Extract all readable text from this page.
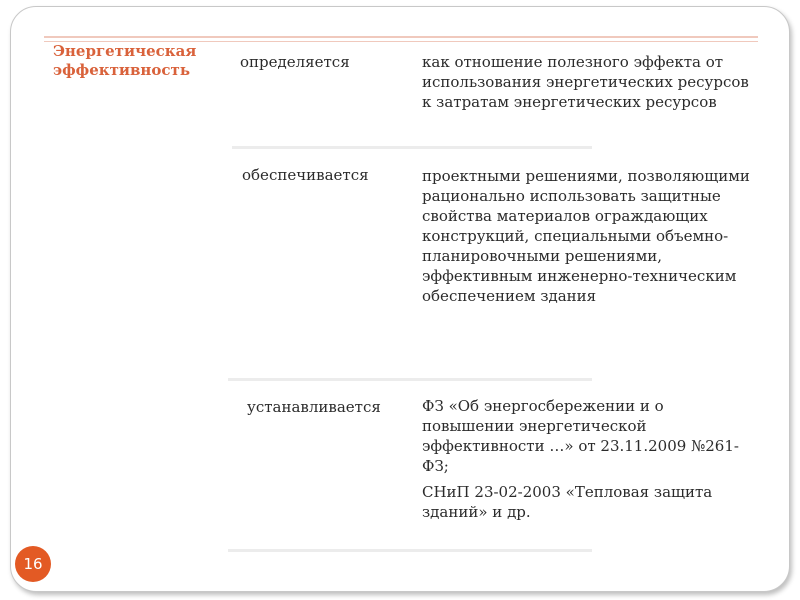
Энергетическая эффективность	определяется	как отношение полезного эффекта от использования энергетических ресурсов к затратам энергетических ресурсов

обеспечивается	проектными решениями, позволяющими рационально использовать защитные свойства материалов ограждающих конструкций, специальными объемно-планировочными решениями, эффективным инженерно-техническим обеспечением здания

устанавливается	ФЗ «Об энергосбережении и о повышении энергетической эффективности …» от 23.11.2009 №261-ФЗ;

СНиП 23-02-2003 «Тепловая защита зданий» и др.

16
